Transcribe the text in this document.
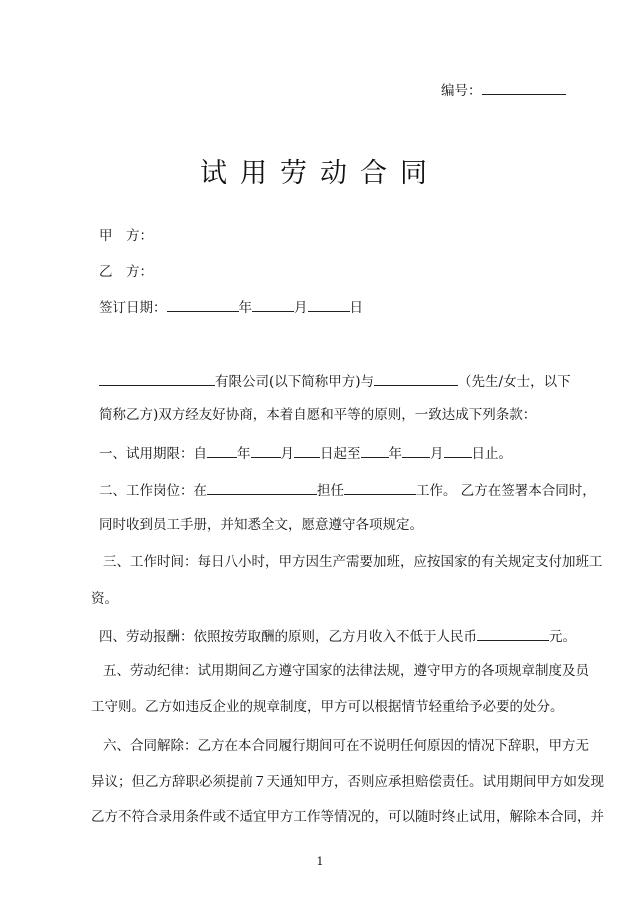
编号：
试用劳动合同
甲　方：
乙　方：
签订日期：	年	月	日
有限公司(以下简称甲方)与	（先生/女士，以下
简称乙方)双方经友好协商，本着自愿和平等的原则，一致达成下列条款：
一、试用期限：自 年 月 日起至 年 月 日止。
二、工作岗位：在	担任	工作。 乙方在签署本合同时，
同时收到员工手册，并知悉全文，愿意遵守各项规定。
三、工作时间：每日八小时，甲方因生产需要加班，应按国家的有关规定支付加班工
资。
四、劳动报酬：依照按劳取酬的原则，乙方月收入不低于人民币	元。
五、劳动纪律：试用期间乙方遵守国家的法律法规，遵守甲方的各项规章制度及员
工守则。乙方如违反企业的规章制度，甲方可以根据情节轻重给予必要的处分。
六、合同解除：乙方在本合同履行期间可在不说明任何原因的情况下辞职，甲方无
异议；但乙方辞职必须提前７天通知甲方，否则应承担赔偿责任。试用期间甲方如发现
乙方不符合录用条件或不适宜甲方工作等情况的，可以随时终止试用，解除本合同，并
1
